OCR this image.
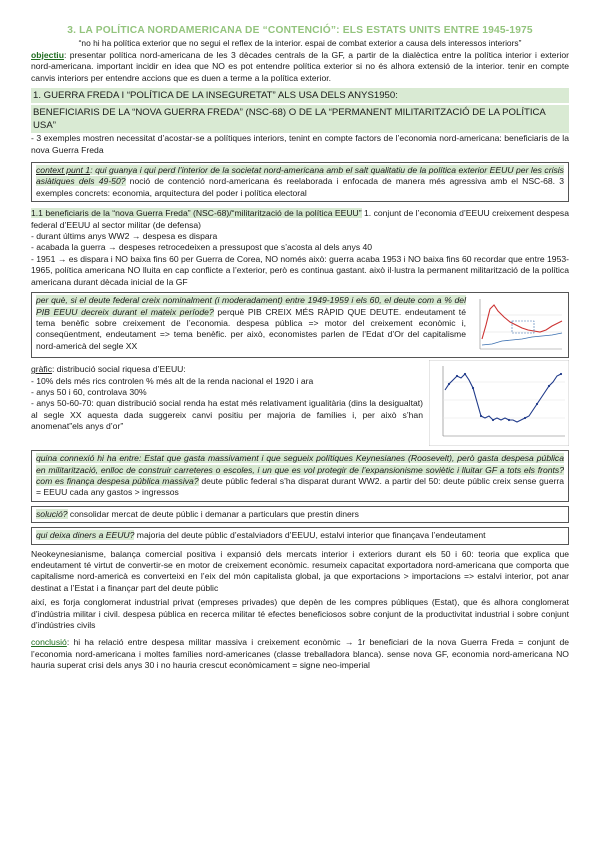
3. LA POLÍTICA NORDAMERICANA DE “CONTENCIÓ”: ELS ESTATS UNITS ENTRE 1945-1975
“no hi ha política exterior que no segui el reflex de la interior. espai de combat exterior a causa dels interessos interiors”
objectiu: presentar política nord-americana de les 3 dècades centrals de la GF, a partir de la dialèctica entre la política interior i exterior nord-americana. important incidir en idea que NO es pot entendre política exterior si no és alhora extensió de la interior. tenir en compte canvis interiors per entendre accions que es duen a terme a la política exterior.
1. GUERRA FREDA I “POLÍTICA DE LA INSEGURETAT” ALS USA DELS ANYS1950:
BENEFICIARIS DE LA “NOVA GUERRA FREDA” (NSC-68) O DE LA “PERMANENT MILITARITZACIÓ DE LA POLÍTICA USA”
- 3 exemples mostren necessitat d’acostar-se a polítiques interiors, tenint en compte factors de l’economia nord-americana: beneficiaris de la nova Guerra Freda
context punt 1: qui guanya i qui perd l’interior de la societat nord-americana amb el salt qualitatiu de la política exterior EEUU per les crisis asiàtiques dels 49-50? noció de contenció nord-americana és reelaborada i enfocada de manera més agressiva amb el NSC-68. 3 exemples concrets: economia, arquitectura del poder i política electoral
1.1 beneficiaris de la “nova Guerra Freda” (NSC-68)/“militarització de la política EEUU” 1. conjunt de l’economia d’EEUU creixement despesa federal d’EEUU al sector militar (de defensa)
- durant últims anys WW2 → despesa es dispara
- acabada la guerra → despeses retrocedeixen a pressupost que s’acosta al dels anys 40
- 1951 → es dispara i NO baixa fins 60 per Guerra de Corea, NO només això: guerra acaba 1953 i NO baixa fins 60 recordar que entre 1953-1965, política americana NO lluita en cap conflicte a l’exterior, però es continua gastant. això il·lustra la permanent militarització de la política americana durant dècada inicial de la GF
per què, si el deute federal creix nominalment (i moderadament) entre 1949-1959 i els 60, el deute com a % del PIB EEUU decreix durant el mateix període? perquè PIB CREIX MÉS RÀPID QUE DEUTE. endeutament té tema benèfic sobre creixement de l’economia. despesa pública => motor del creixement econòmic i, conseqüentment, endeutament => tema benèfic. per això, economistes parlen de l’Edat d’Or del capitalisme nord-americà del segle XX
gràfic: distribució social riquesa d’EEUU:
- 10% dels més rics controlen % més alt de la renda nacional el 1920 i ara
- anys 50 i 60, controlava 30%
- anys 50-60-70: quan distribució social renda ha estat més relativament igualitària (dins la desigualtat) al segle XX aquesta dada suggereix canvi positiu per majoria de famílies i, per això s’han anomenat”els anys d’or”
quina connexió hi ha entre: Estat que gasta massivament i que segueix polítiques Keynesianes (Roosevelt), però gasta despesa pública en militarització, enlloc de construir carreteres o escoles, i un que es vol protegir de l’expansionisme soviètic i lluitar GF a tots els fronts? com es finança despesa pública massiva? deute públic federal s’ha disparat durant WW2. a partir del 50: deute públic creix sense guerra = EEUU cada any gastos > ingressos
solució? consolidar mercat de deute públic i demanar a particulars que prestin diners
qui deixa diners a EEUU? majoria del deute públic d’estalviadors d’EEUU, estalvi interior que finançava l’endeutament
Neokeynesianisme, balança comercial positiva i expansió dels mercats interior i exteriors durant els 50 i 60: teoria que explica que endeutament té virtut de convertir-se en motor de creixement econòmic. resumeix capacitat exportadora nord-americana que comporta que capitalisme nord-americà es converteixi en l’eix del món capitalista global, ja que exportacions > importacions => estalvi interior, pot anar destinat a l’Estat i a finançar part del deute públic
així, es forja conglomerat industrial privat (empreses privades) que depèn de les compres públiques (Estat), que és alhora conglomerat d’indústria militar i civil. despesa pública en recerca militar té efectes beneficiosos sobre conjunt de la productivitat industrial i sobre conjunt d’indústries civils
conclusió: hi ha relació entre despesa militar massiva i creixement econòmic → 1r beneficiari de la nova Guerra Freda = conjunt de l’economia nord-americana i moltes famílies nord-americanes (classe treballadora blanca). sense nova GF, economia nord-americana NO hauria superat crisi dels anys 30 i no hauria crescut econòmicament = signe neo-imperial
